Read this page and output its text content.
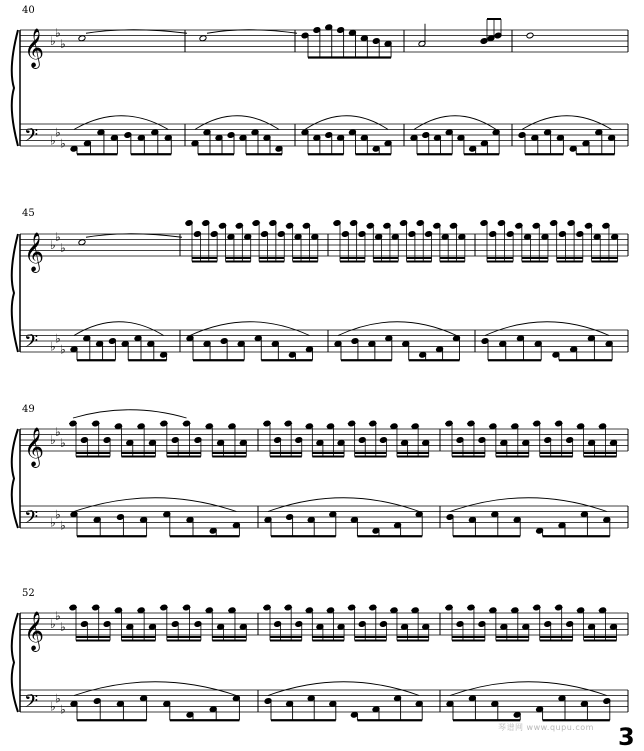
𝄞
𝄢
♭
♭
♭
♭
♭
♭
𝄞
𝄢
♭
♭
♭
♭
♭
♭
𝄞
𝄢
♭
♭
♭
♭
♭
♭
𝄞
𝄢
♭
♭
♭
♭
♭
♭
40
45
49
52
琴谱网 www.qupu.com 3
